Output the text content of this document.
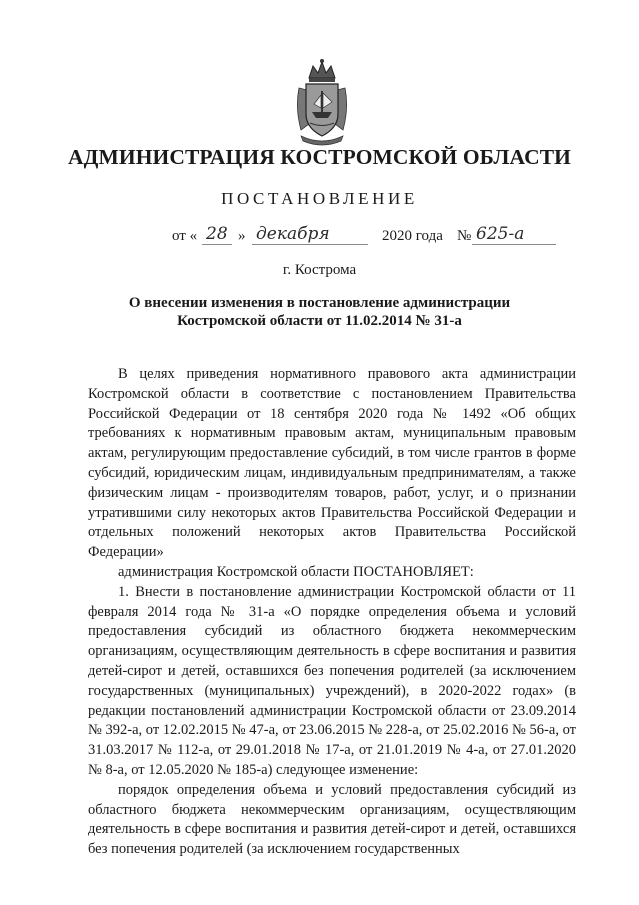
АДМИНИСТРАЦИЯ КОСТРОМСКОЙ ОБЛАСТИ
ПОСТАНОВЛЕНИЕ
от « 28 » декабря	2020 года № 625-а
г. Кострома
О внесении изменения в постановление администрации
Костромской области от 11.02.2014 № 31-а

В целях приведения нормативного правового акта администрации Костромской области в соответствие с постановлением Правительства Российской Федерации от 18 сентября 2020 года № 1492 «Об общих требованиях к нормативным правовым актам, муниципальным правовым актам, регулирующим предоставление субсидий, в том числе грантов в форме субсидий, юридическим лицам, индивидуальным предпринимателям, а также физическим лицам - производителям товаров, работ, услуг, и о признании утратившими силу некоторых актов Правительства Российской Федерации и отдельных положений некоторых актов Правительства Российской Федерации»

администрация Костромской области ПОСТАНОВЛЯЕТ:

1. Внести в постановление администрации Костромской области от 11 февраля 2014 года № 31-а «О порядке определения объема и условий предоставления субсидий из областного бюджета некоммерческим организациям, осуществляющим деятельность в сфере воспитания и развития детей-сирот и детей, оставшихся без попечения родителей (за исключением государственных (муниципальных) учреждений), в 2020-2022 годах» (в редакции постановлений администрации Костромской области от 23.09.2014 № 392-а, от 12.02.2015 № 47-а, от 23.06.2015 № 228-а, от 25.02.2016 № 56-а, от 31.03.2017 № 112-а, от 29.01.2018 № 17-а, от 21.01.2019 № 4-а, от 27.01.2020 № 8-а, от 12.05.2020 № 185-а) следующее изменение:

порядок определения объема и условий предоставления субсидий из областного бюджета некоммерческим организациям, осуществляющим деятельность в сфере воспитания и развития детей-сирот и детей, оставшихся без попечения родителей (за исключением государственных
